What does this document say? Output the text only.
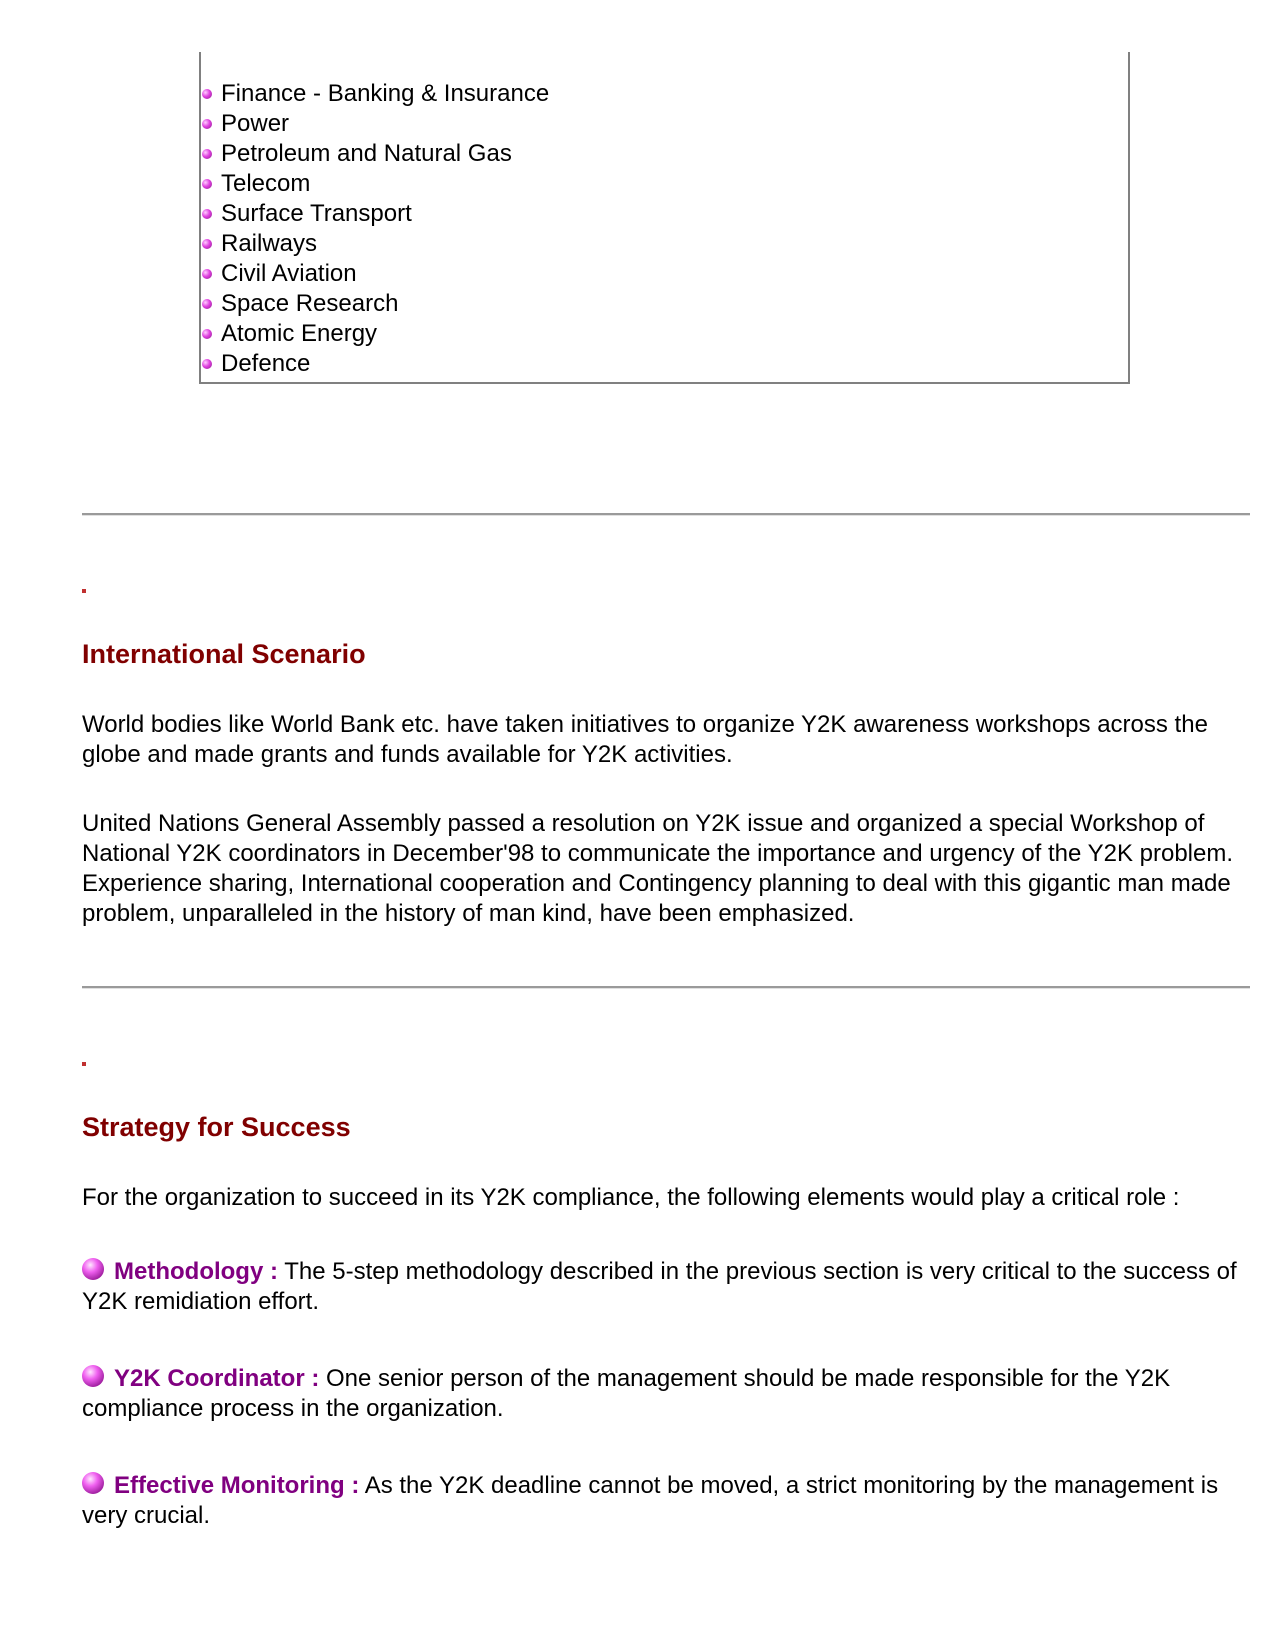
Finance - Banking & Insurance
Power
Petroleum and Natural Gas
Telecom
Surface Transport
Railways
Civil Aviation
Space Research
Atomic Energy
Defence
International Scenario

World bodies like World Bank etc. have taken initiatives to organize Y2K awareness workshops across the globe and made grants and funds available for Y2K activities.

United Nations General Assembly passed a resolution on Y2K issue and organized a special Workshop of National Y2K coordinators in December'98 to communicate the importance and urgency of the Y2K problem. Experience sharing, International cooperation and Contingency planning to deal with this gigantic man made problem, unparalleled in the history of man kind, have been emphasized.

Strategy for Success

For the organization to succeed in its Y2K compliance, the following elements would play a critical role :

Methodology : The 5-step methodology described in the previous section is very critical to the success of Y2K remidiation effort.

Y2K Coordinator : One senior person of the management should be made responsible for the Y2K compliance process in the organization.

Effective Monitoring : As the Y2K deadline cannot be moved, a strict monitoring by the management is very crucial.
